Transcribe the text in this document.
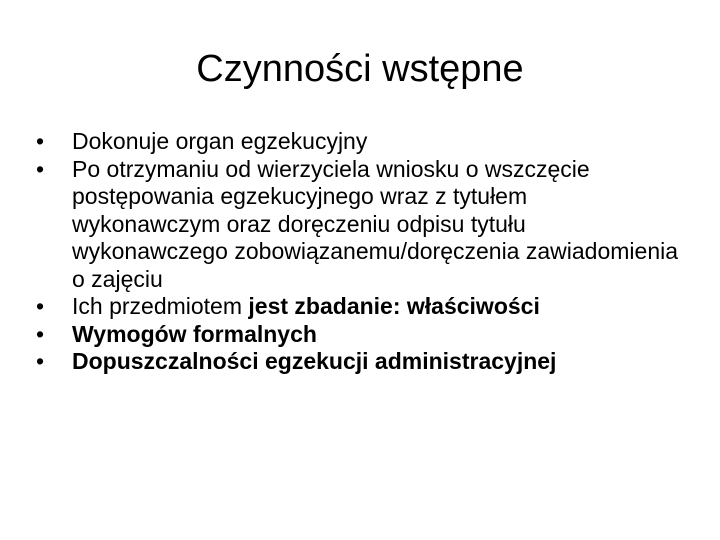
Czynności wstępne
• Dokonuje organ egzekucyjny
• Po otrzymaniu od wierzyciela wniosku o wszczęcie postępowania egzekucyjnego wraz z tytułem wykonawczym oraz doręczeniu odpisu tytułu wykonawczego zobowiązanemu/doręczenia zawiadomienia o zajęciu
• Ich przedmiotem jest zbadanie: właściwości
• Wymogów formalnych
• Dopuszczalności egzekucji administracyjnej
